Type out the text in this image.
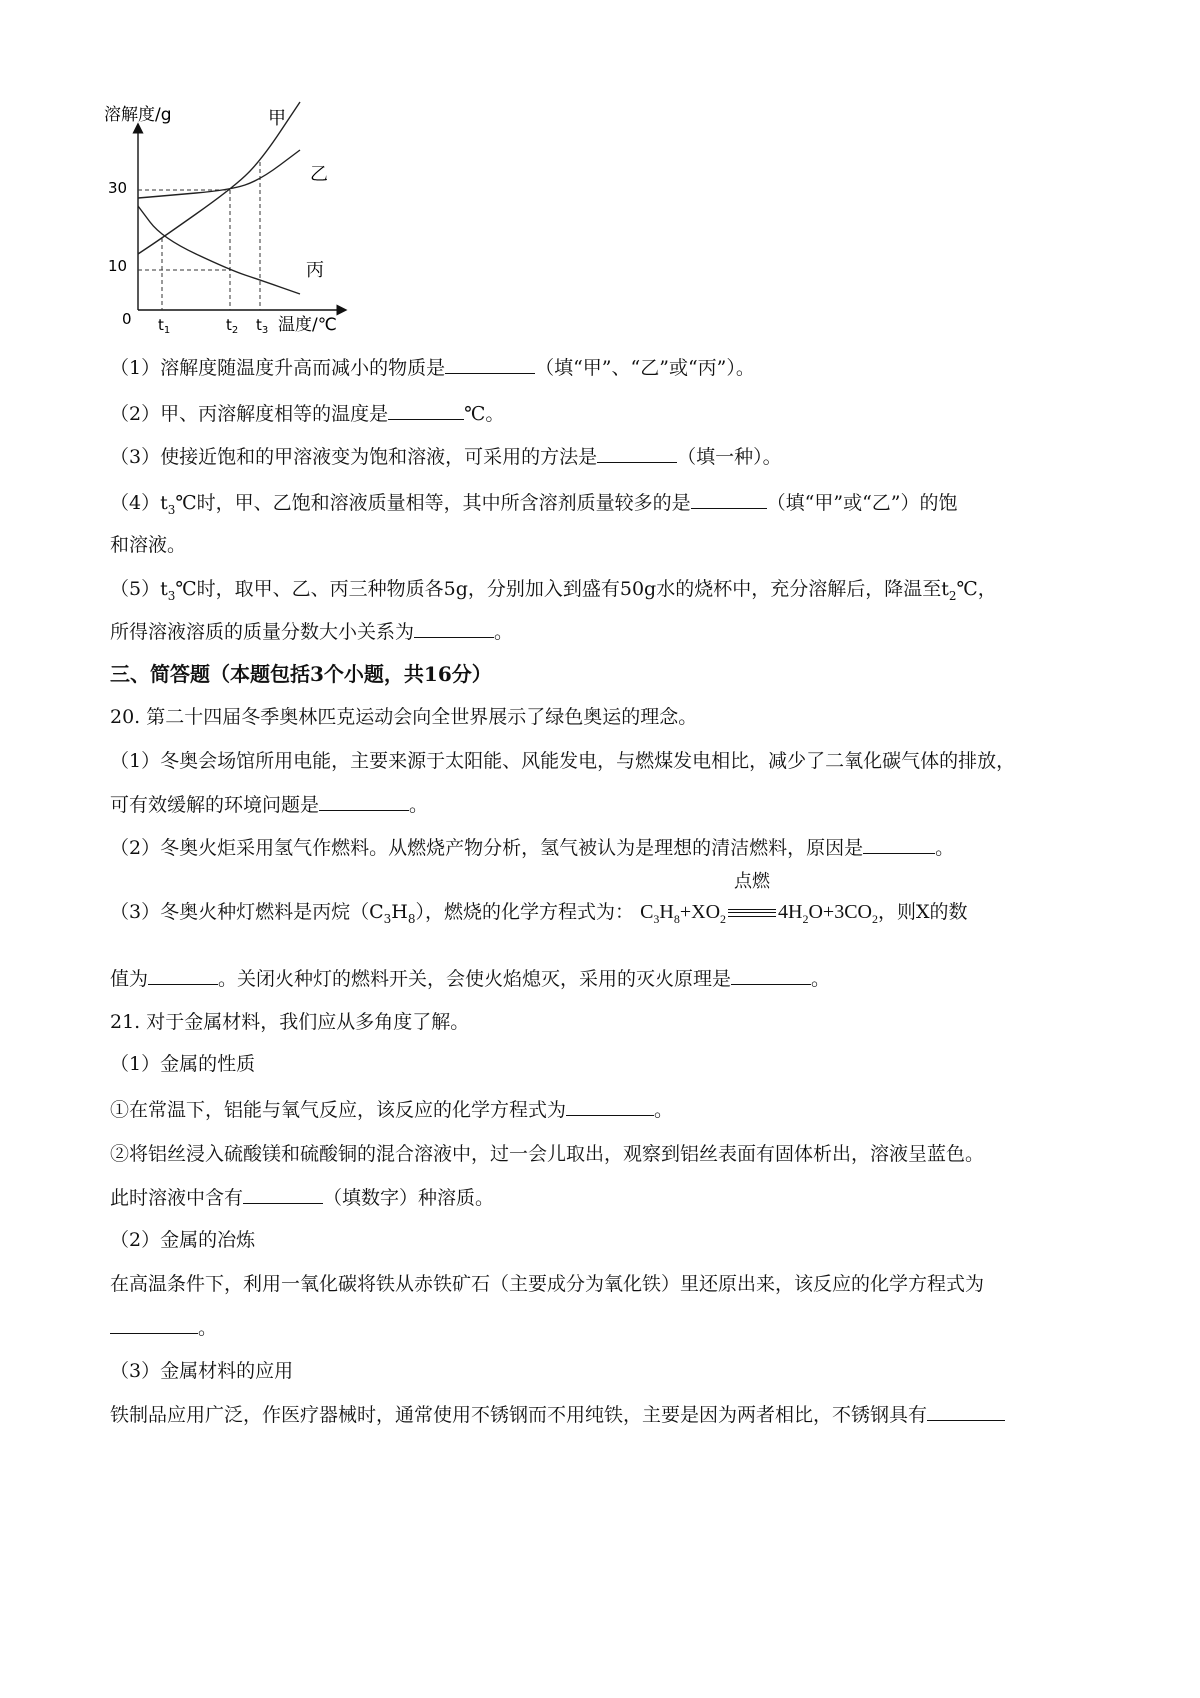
溶解度/g
温度/℃
0
30
10
$t_1$	$t_2$ $t_3$
甲
乙
丙
（1）溶解度随温度升高而减小的物质是	（填“甲”、“乙”或“丙”）。
（2）甲、丙溶解度相等的温度是	℃。
（3）使接近饱和的甲溶液变为饱和溶液，可采用的方法是	（填一种）。
$(4)t_3℃$时，甲、乙饱和溶液质量相等，其中所含溶剂质量较多的是	（填“甲”或“乙”）的饱
和溶液。
$(5)t_3℃$时，取甲、乙、丙三种物质各5g，分别加入到盛有50g水的烧杯中，充分溶解后，降温至$t_2℃$，
所得溶液溶质的质量分数大小关系为	。
三、简答题（本题包括3个小题，共16分）
20. 第二十四届冬季奥林匹克运动会向全世界展示了绿色奥运的理念。
（1）冬奥会场馆所用电能，主要来源于太阳能、风能发电，与燃煤发电相比，减少了二氧化碳气体的排放，
可有效缓解的环境问题是	。
（2）冬奥火炬采用氢气作燃料。从燃烧产物分析，氢气被认为是理想的清洁燃料，原因是	。
（3）冬奥火种灯燃料是丙烷$(C_3H_8)$，燃烧的化学方程式为： $C_3H_8+XO_2$
点燃
$4H_2O+3CO_2$，则X的数
值为	。关闭火种灯的燃料开关，会使火焰熄灭，采用的灭火原理是	。
21. 对于金属材料，我们应从多角度了解。
（1）金属的性质
①在常温下，铝能与氧气反应，该反应的化学方程式为	。
②将铝丝浸入硫酸镁和硫酸铜的混合溶液中，过一会儿取出，观察到铝丝表面有固体析出，溶液呈蓝色。
此时溶液中含有	（填数字）种溶质。
（2）金属的冶炼
在高温条件下，利用一氧化碳将铁从赤铁矿石（主要成分为氧化铁）里还原出来，该反应的化学方程式为
。
（3）金属材料的应用
铁制品应用广泛，作医疗器械时，通常使用不锈钢而不用纯铁，主要是因为两者相比，不锈钢具有
